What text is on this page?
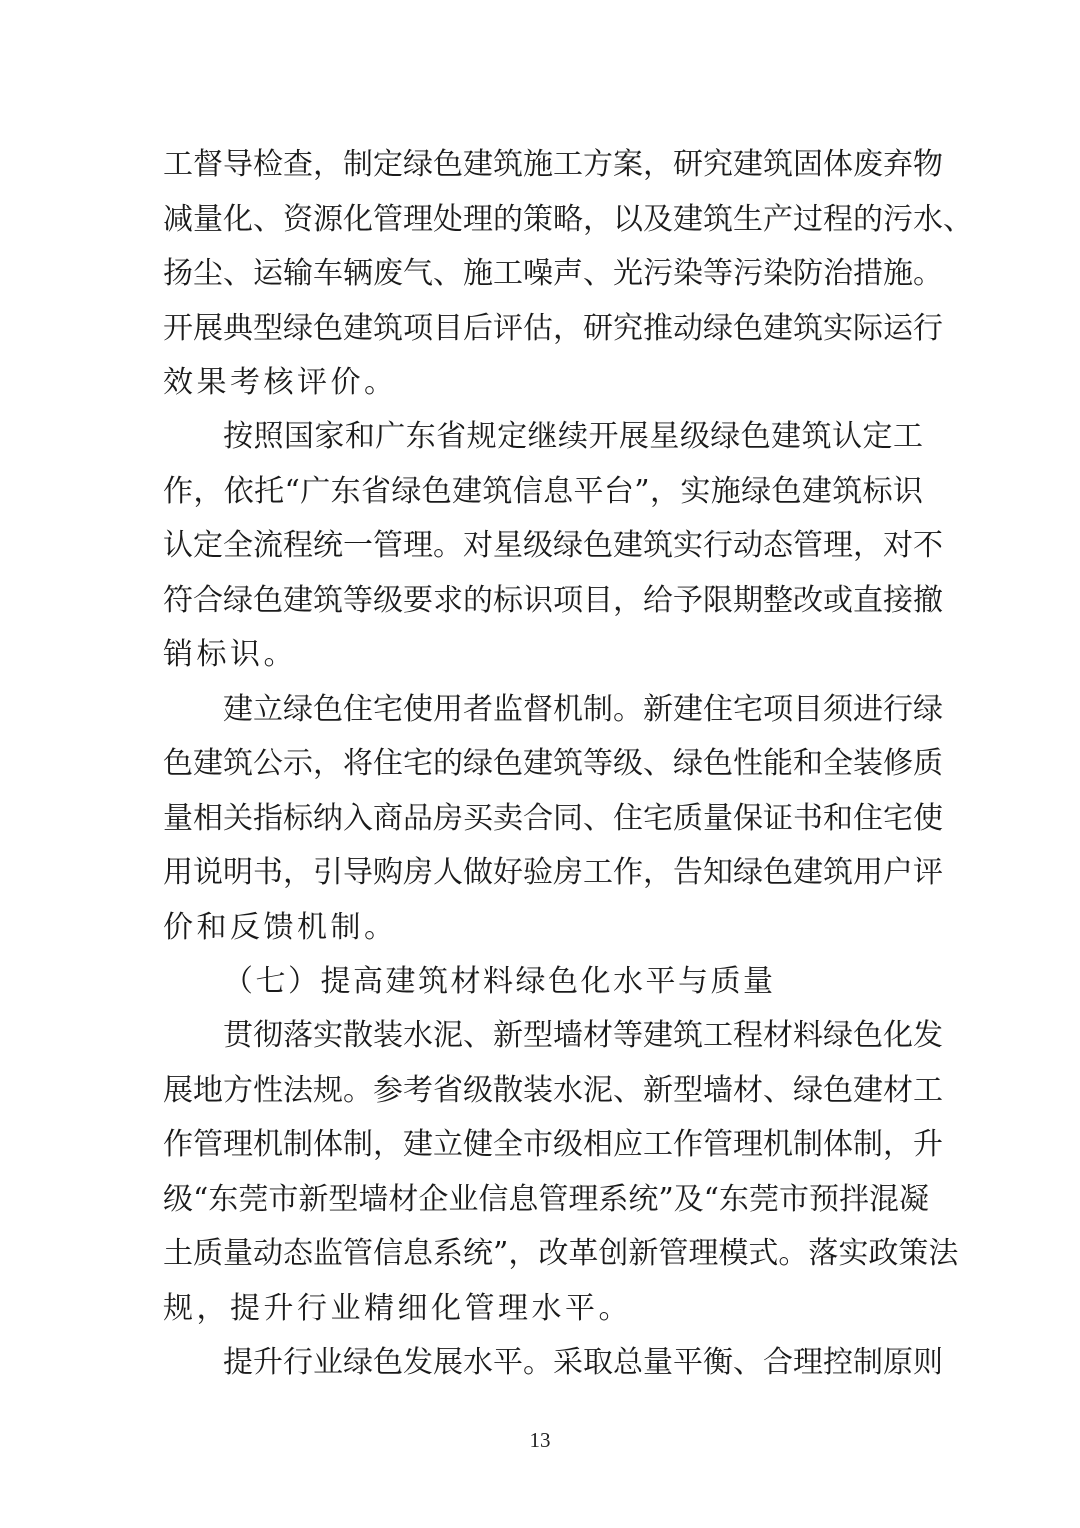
工督导检查，制定绿色建筑施工方案，研究建筑固体废弃物
减量化、资源化管理处理的策略，以及建筑生产过程的污水、
扬尘、运输车辆废气、施工噪声、光污染等污染防治措施。
开展典型绿色建筑项目后评估，研究推动绿色建筑实际运行
效果考核评价。
按照国家和广东省规定继续开展星级绿色建筑认定工
作，依托“广东省绿色建筑信息平台”，实施绿色建筑标识
认定全流程统一管理。对星级绿色建筑实行动态管理，对不
符合绿色建筑等级要求的标识项目，给予限期整改或直接撤
销标识。
建立绿色住宅使用者监督机制。新建住宅项目须进行绿
色建筑公示，将住宅的绿色建筑等级、绿色性能和全装修质
量相关指标纳入商品房买卖合同、住宅质量保证书和住宅使
用说明书，引导购房人做好验房工作，告知绿色建筑用户评
价和反馈机制。
（七）提高建筑材料绿色化水平与质量
贯彻落实散装水泥、新型墙材等建筑工程材料绿色化发
展地方性法规。参考省级散装水泥、新型墙材、绿色建材工
作管理机制体制，建立健全市级相应工作管理机制体制，升
级“东莞市新型墙材企业信息管理系统”及“东莞市预拌混凝
土质量动态监管信息系统”，改革创新管理模式。落实政策法
规，提升行业精细化管理水平。
提升行业绿色发展水平。采取总量平衡、合理控制原则
13
